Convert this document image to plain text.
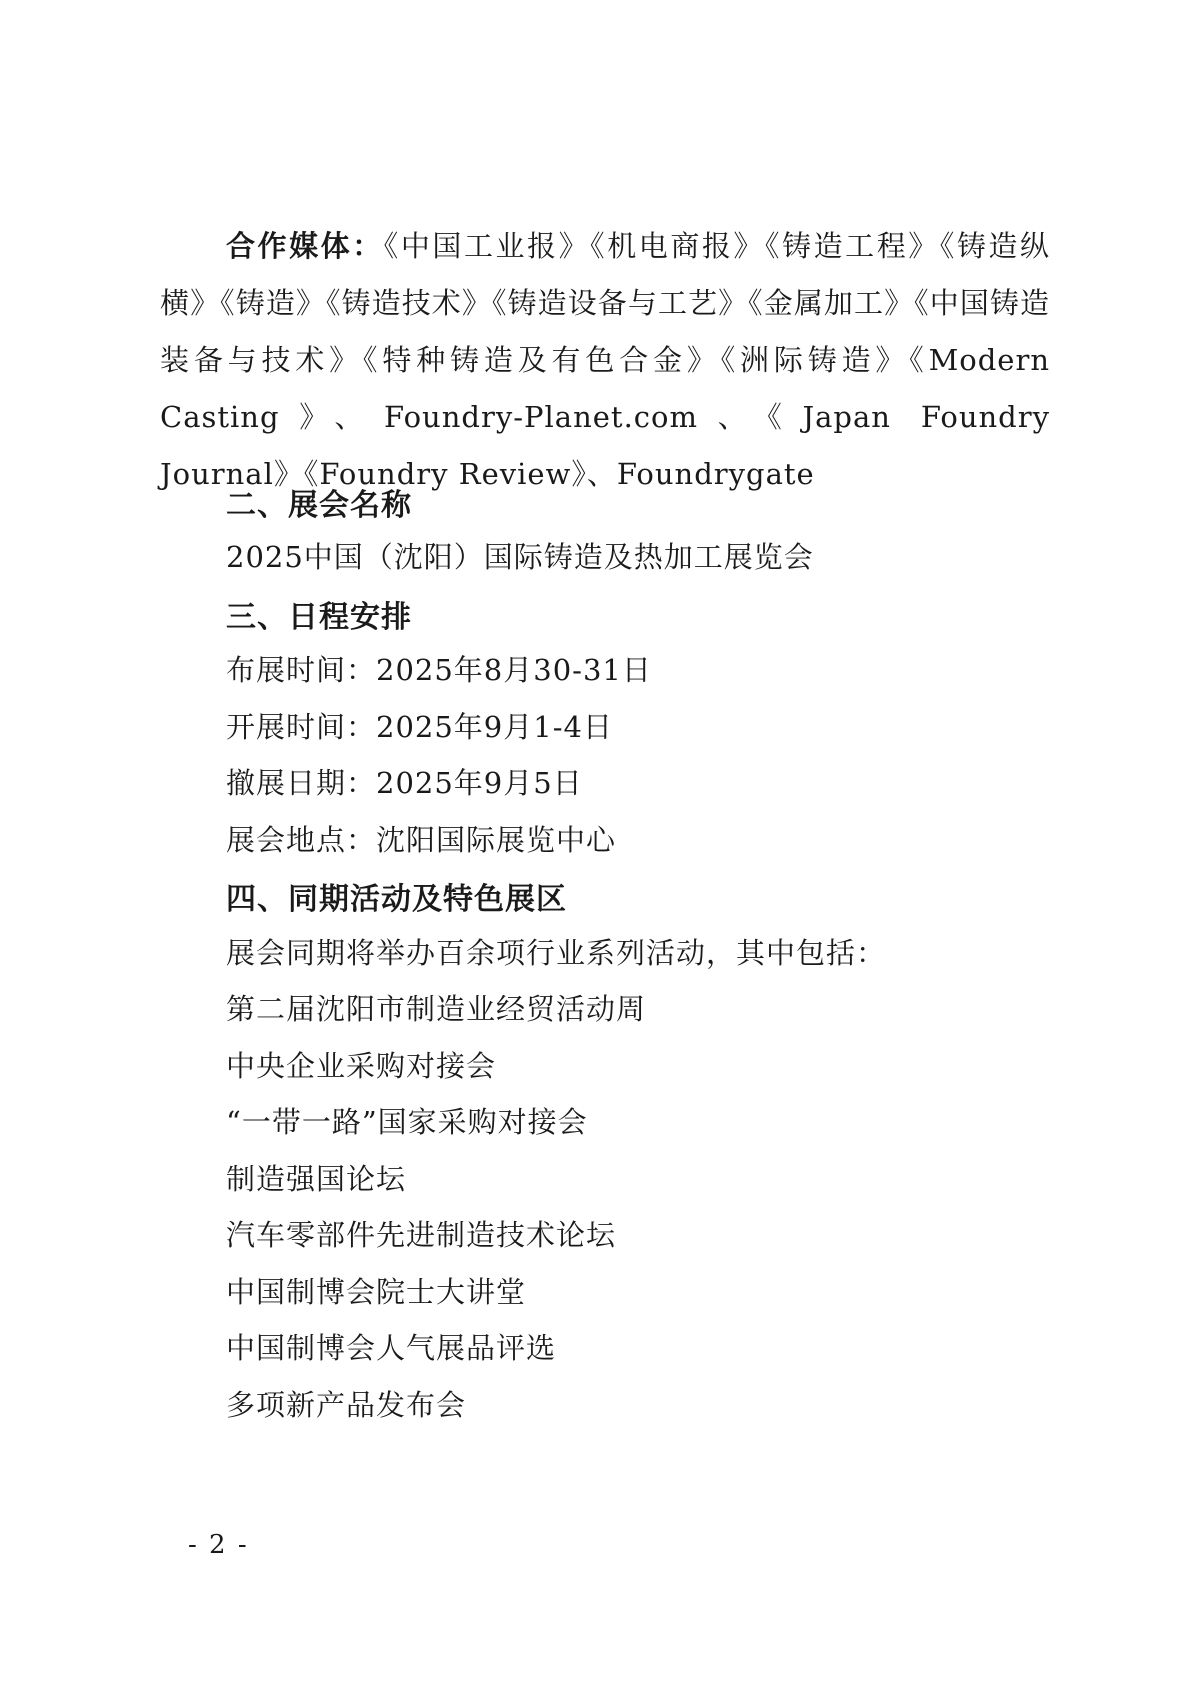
合作媒体：《中国工业报》《机电商报》《铸造工程》《铸造纵横》《铸造》《铸造技术》《铸造设备与工艺》《金属加工》《中国铸造装备与技术》《特种铸造及有色合金》《洲际铸造》《Modern Casting》、Foundry-Planet.com、《Japan Foundry Journal》《Foundry Review》、Foundrygate
二、展会名称
2025中国（沈阳）国际铸造及热加工展览会
三、日程安排
布展时间：2025年8月30-31日
开展时间：2025年9月1-4日
撤展日期：2025年9月5日
展会地点：沈阳国际展览中心
四、同期活动及特色展区
展会同期将举办百余项行业系列活动，其中包括：
第二届沈阳市制造业经贸活动周
中央企业采购对接会
“一带一路”国家采购对接会
制造强国论坛
汽车零部件先进制造技术论坛
中国制博会院士大讲堂
中国制博会人气展品评选
多项新产品发布会
- 2 -
